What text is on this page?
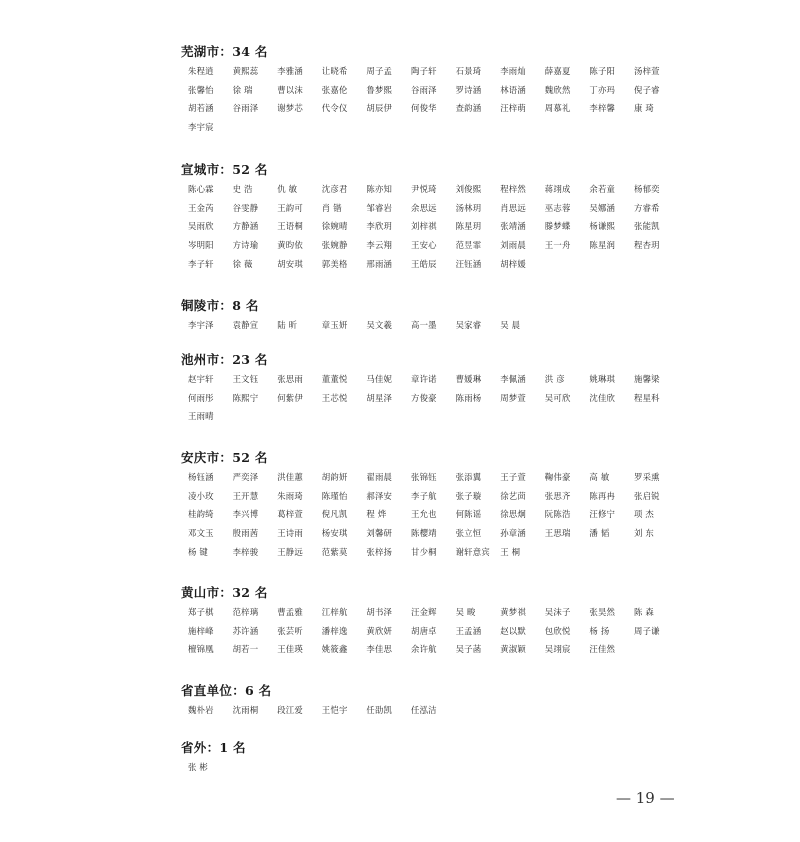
芜湖市：34 名
朱程逍 黄熙蕊 李雅涵 让晓希 周子孟 陶子轩 石景琦 李雨灿 薛嘉夏 陈子阳 汤梓萱
张馨怡 徐 瑞	曹以沫 张嘉伦 鲁梦熙 谷雨泽 罗诗涵 林语涵 魏欣然 丁亦玛 倪子睿
胡若涵 谷雨泽 谢梦芯 代令仪 胡辰伊 何俊华 查韵涵 汪梓萌 周慕礼 李梓馨 康 琦
李宇宸
宣城市：52 名
陈心霖 史 浩	仇 敏	沈彦君 陈亦知 尹悦琦 刘俊熙 程梓然 蒋翊成 余若童 杨郁奕
王金芮 谷雯静 王韵可 肖 锴	邹睿岩 余思远 汤林玥 肖思远 巫志蓉 吴娜涵 方睿希
吴雨欣 方静涵 王语桐 徐婉晴 李欣玥 刘梓祺 陈星玥 张靖涵 滕梦蝶 杨谦熙 张能凯
岑明阳 方诗瑜 黄昀依 张婉静 李云翔 王安心 范昱霏 刘雨晨 王一舟 陈星润 程杏玥
李子轩 徐 薇	胡安琪 郭美格 邢雨涵 王皓辰 汪钰涵 胡梓媛
铜陵市：8 名
李宇泽 袁静宣 陆 昕	章玉妍 吴文羲 高一墨 吴家睿 吴 晨
池州市：23 名
赵宇轩 王文钰 张思雨 董董悦 马佳妮 章许诺 曹媛琳 李佩涵 洪 彦	姚琳琪 施馨梁
何雨彤 陈熙宁 何紫伊 王芯悦 胡星泽 方俊豪 陈雨杨 周梦萱 吴可欣 沈佳欣 程星科
王雨晴
安庆市：52 名
杨钰涵 严奕泽 洪佳蕙 胡韵妍 翟雨晨 张锦钰 张添翼 王子萱 鞠伟豪 高 敏	罗采熏
凌小玫 王开慧 朱雨琦 陈瑾怡 郝泽安 李子航 张子璇 徐艺茴 张思齐 陈再冉 张启锐
桂韵绮 李兴博 葛梓萱 倪凡凯 程 烨	王允也 何陈谣 徐思炯 阮陈浩 汪修宁 项 杰
邓文玉 殷雨茜 王诗雨 杨安琪 刘馨研 陈樱靖 张立恒 孙章涵 王思瑞 潘 韬	刘 东
杨 键	李梓骏 王静远 范紫莫 张梓扬 甘少桐 谢轩意宾 王 桐
黄山市：32 名
郑子棋 范梓璃 曹孟雅 江梓航 胡书泽 汪金辉 吴 畯	黄梦祺 吴沫子 张昊然 陈 森
施梓峰 苏许涵 张芸听 潘梓逸 黄欣妍 胡唐卓 王孟涵 赵以默 包欣悦 杨 扬	周子谦
檀锦凰 胡若一 王佳瑛 姚筱鑫 李佳思 余许航 吴子菡 黄淑颖 吴翊宸 汪佳然
省直单位：6 名
魏朴岩 沈雨桐 段江爱 王恺宇 任劭凯 任泓洁
省外：1 名
张 彬
— 19 —
